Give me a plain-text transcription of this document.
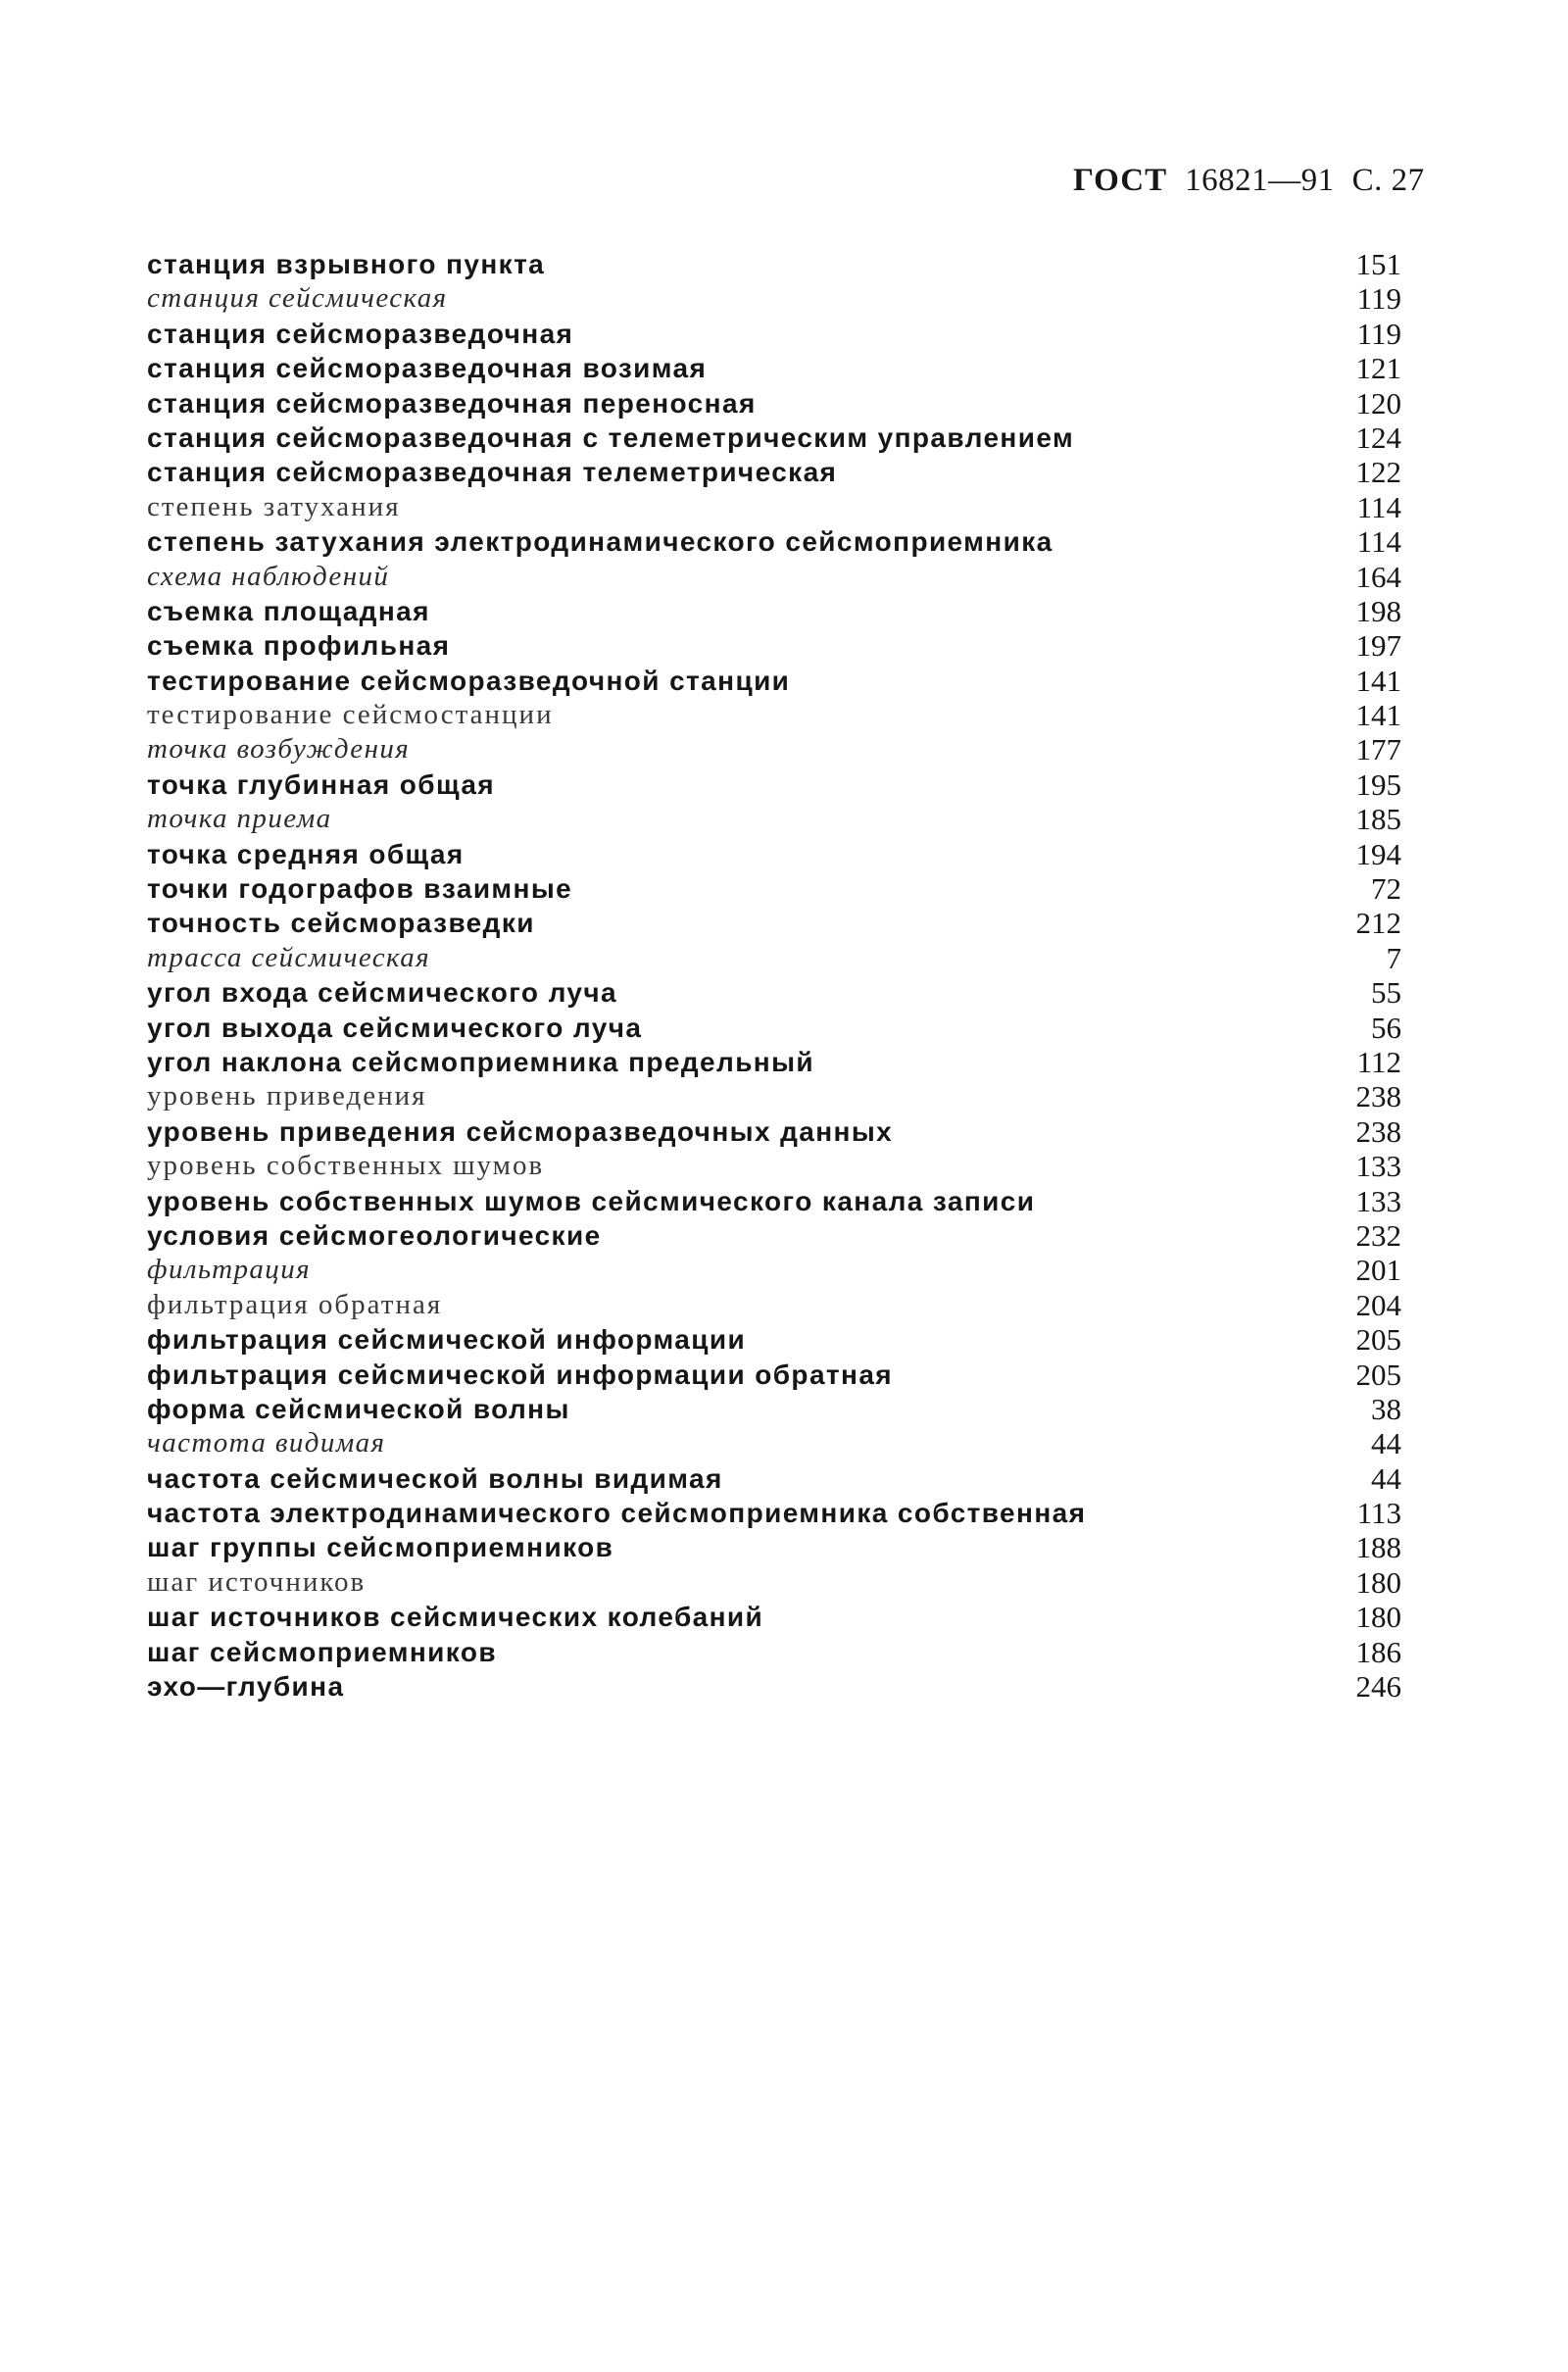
ГОСТ 16821—91 С. 27
станция взрывного пункта	151
станция сейсмическая	119
станция сейсморазведочная	119
станция сейсморазведочная возимая	121
станция сейсморазведочная переносная	120
станция сейсморазведочная с телеметрическим управлением	124
станция сейсморазведочная телеметрическая	122
степень затухания	114
степень затухания электродинамического сейсмоприемника	114
схема наблюдений	164
съемка площадная	198
съемка профильная	197
тестирование сейсморазведочной станции	141
тестирование сейсмостанции	141
точка возбуждения	177
точка глубинная общая	195
точка приема	185
точка средняя общая	194
точки годографов взаимные	72
точность сейсморазведки	212
трасса сейсмическая	7
угол входа сейсмического луча	55
угол выхода сейсмического луча	56
угол наклона сейсмоприемника предельный	112
уровень приведения	238
уровень приведения сейсморазведочных данных	238
уровень собственных шумов	133
уровень собственных шумов сейсмического канала записи	133
условия сейсмогеологические	232
фильтрация	201
фильтрация обратная	204
фильтрация сейсмической информации	205
фильтрация сейсмической информации обратная	205
форма сейсмической волны	38
частота видимая	44
частота сейсмической волны видимая	44
частота электродинамического сейсмоприемника собственная	113
шаг группы сейсмоприемников	188
шаг источников	180
шаг источников сейсмических колебаний	180
шаг сейсмоприемников	186
эхо—глубина	246
